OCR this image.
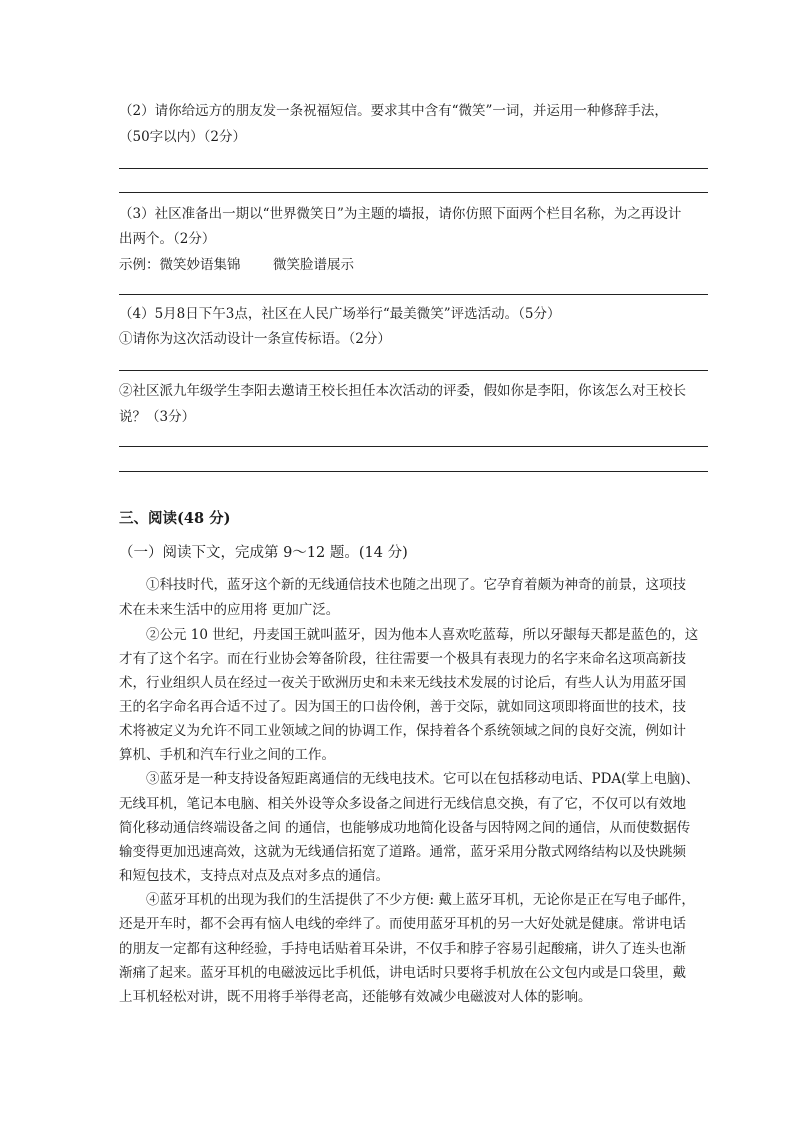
（2）请你给远方的朋友发一条祝福短信。要求其中含有“微笑”一词，并运用一种修辞手法，
（50字以内）（2分）
（3）社区准备出一期以“世界微笑日”为主题的墙报，请你仿照下面两个栏目名称，为之再设计
出两个。（2分）
示例：微笑妙语集锦 微笑脸谱展示
（4）5月8日下午3点，社区在人民广场举行“最美微笑”评选活动。（5分）
①请你为这次活动设计一条宣传标语。（2分）
②社区派九年级学生李阳去邀请王校长担任本次活动的评委，假如你是李阳，你该怎么对王校长
说？（3分）
三、阅读(48 分)
（一）阅读下文，完成第 9～12 题。(14 分)
　　①科技时代，蓝牙这个新的无线通信技术也随之出现了。它孕育着颇为神奇的前景，这项技
术在未来生活中的应用将 更加广泛。
　　②公元 10 世纪，丹麦国王就叫蓝牙，因为他本人喜欢吃蓝莓，所以牙龈每天都是蓝色的，这
才有了这个名字。而在行业协会筹备阶段，往往需要一个极具有表现力的名字来命名这项高新技
术，行业组织人员在经过一夜关于欧洲历史和未来无线技术发展的讨论后，有些人认为用蓝牙国
王的名字命名再合适不过了。因为国王的口齿伶俐，善于交际，就如同这项即将面世的技术，技
术将被定义为允许不同工业领域之间的协调工作，保持着各个系统领域之间的良好交流，例如计
算机、手机和汽车行业之间的工作。
　　③蓝牙是一种支持设备短距离通信的无线电技术。它可以在包括移动电话、PDA(掌上电脑)、
无线耳机，笔记本电脑、相关外设等众多设备之间进行无线信息交换，有了它，不仅可以有效地
简化移动通信终端设备之间 的通信，也能够成功地简化设备与因特网之间的通信，从而使数据传
输变得更加迅速高效，这就为无线通信拓宽了道路。通常，蓝牙采用分散式网络结构以及快跳频
和短包技术，支持点对点及点对多点的通信。
　　④蓝牙耳机的出现为我们的生活提供了不少方便: 戴上蓝牙耳机，无论你是正在写电子邮件，
还是开车时，都不会再有恼人电线的牵绊了。而使用蓝牙耳机的另一大好处就是健康。常讲电话
的朋友一定都有这种经验，手持电话贴着耳朵讲，不仅手和脖子容易引起酸痛，讲久了连头也渐
渐痛了起来。蓝牙耳机的电磁波远比手机低，讲电话时只要将手机放在公文包内或是口袋里，戴
上耳机轻松对讲，既不用将手举得老高，还能够有效减少电磁波对人体的影响。
